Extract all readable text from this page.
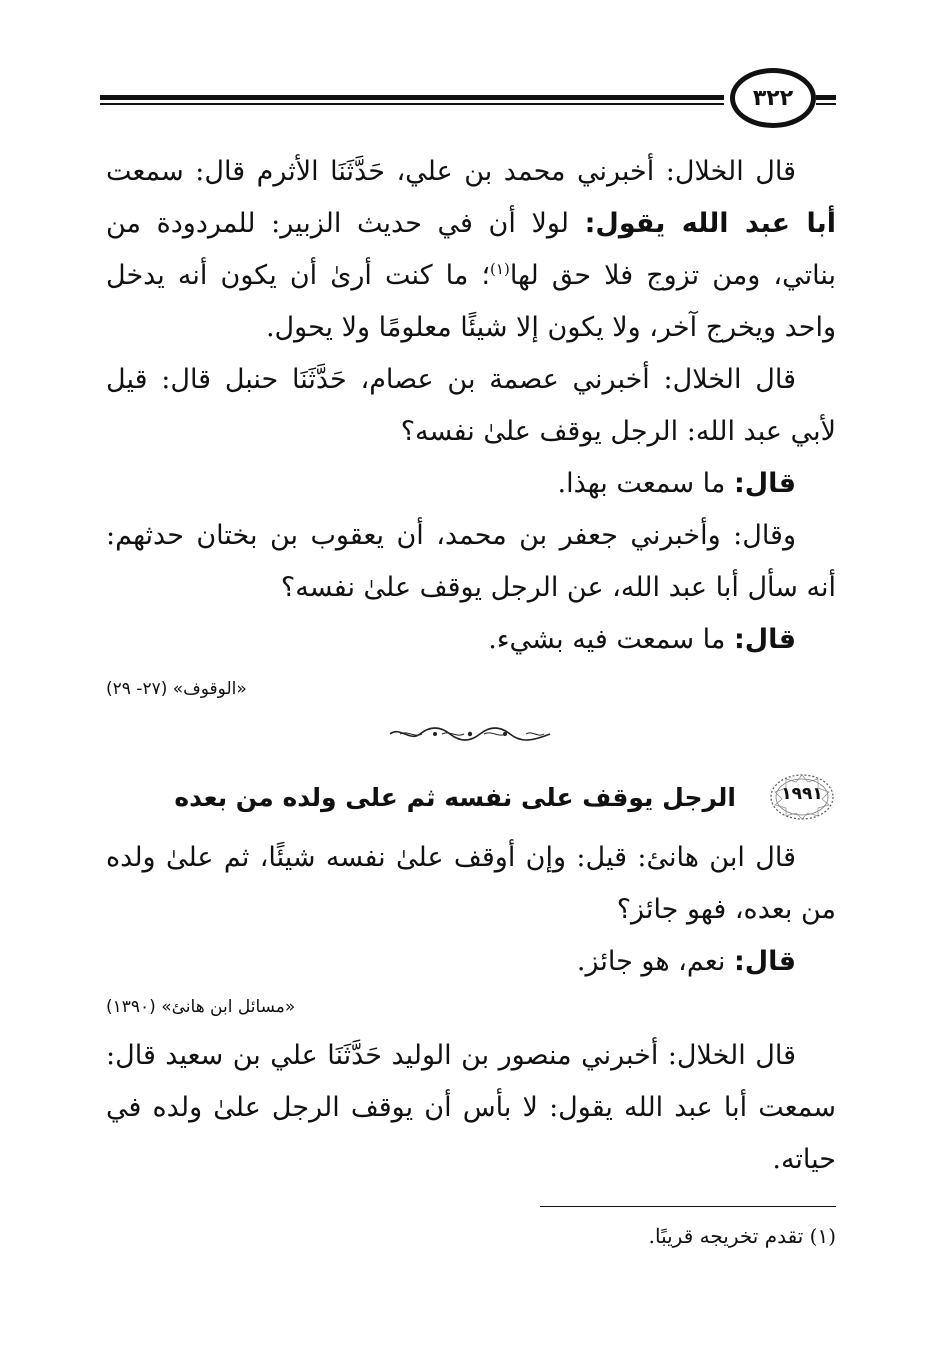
٣٢٢

قال الخلال: أخبرني محمد بن علي، حَدَّثَنَا الأثرم قال: سمعت أبا عبد الله يقول: لولا أن في حديث الزبير: للمردودة من بناتي، ومن تزوج فلا حق لها$^{(١)}$؛ ما كنت أرىٰ أن يكون أنه يدخل واحد ويخرج آخر، ولا يكون إلا شيئًا معلومًا ولا يحول.

قال الخلال: أخبرني عصمة بن عصام، حَدَّثَنَا حنبل قال: قيل لأبي عبد الله: الرجل يوقف علىٰ نفسه؟

قال: ما سمعت بهذا.

وقال: وأخبرني جعفر بن محمد، أن يعقوب بن بختان حدثهم: أنه سأل أبا عبد الله، عن الرجل يوقف علىٰ نفسه؟

قال: ما سمعت فيه بشيء.

«الوقوف» (٢٧- ٢٩)
١٩٩١
الرجل يوقف على نفسه ثم على ولده من بعده

قال ابن هانئ: قيل: وإن أوقف علىٰ نفسه شيئًا، ثم علىٰ ولده من بعده، فهو جائز؟

قال: نعم، هو جائز.

«مسائل ابن هانئ» (١٣٩٠)

قال الخلال: أخبرني منصور بن الوليد حَدَّثَنَا علي بن سعيد قال: سمعت أبا عبد الله يقول: لا بأس أن يوقف الرجل علىٰ ولده في حياته.

(١) تقدم تخريجه قريبًا.
